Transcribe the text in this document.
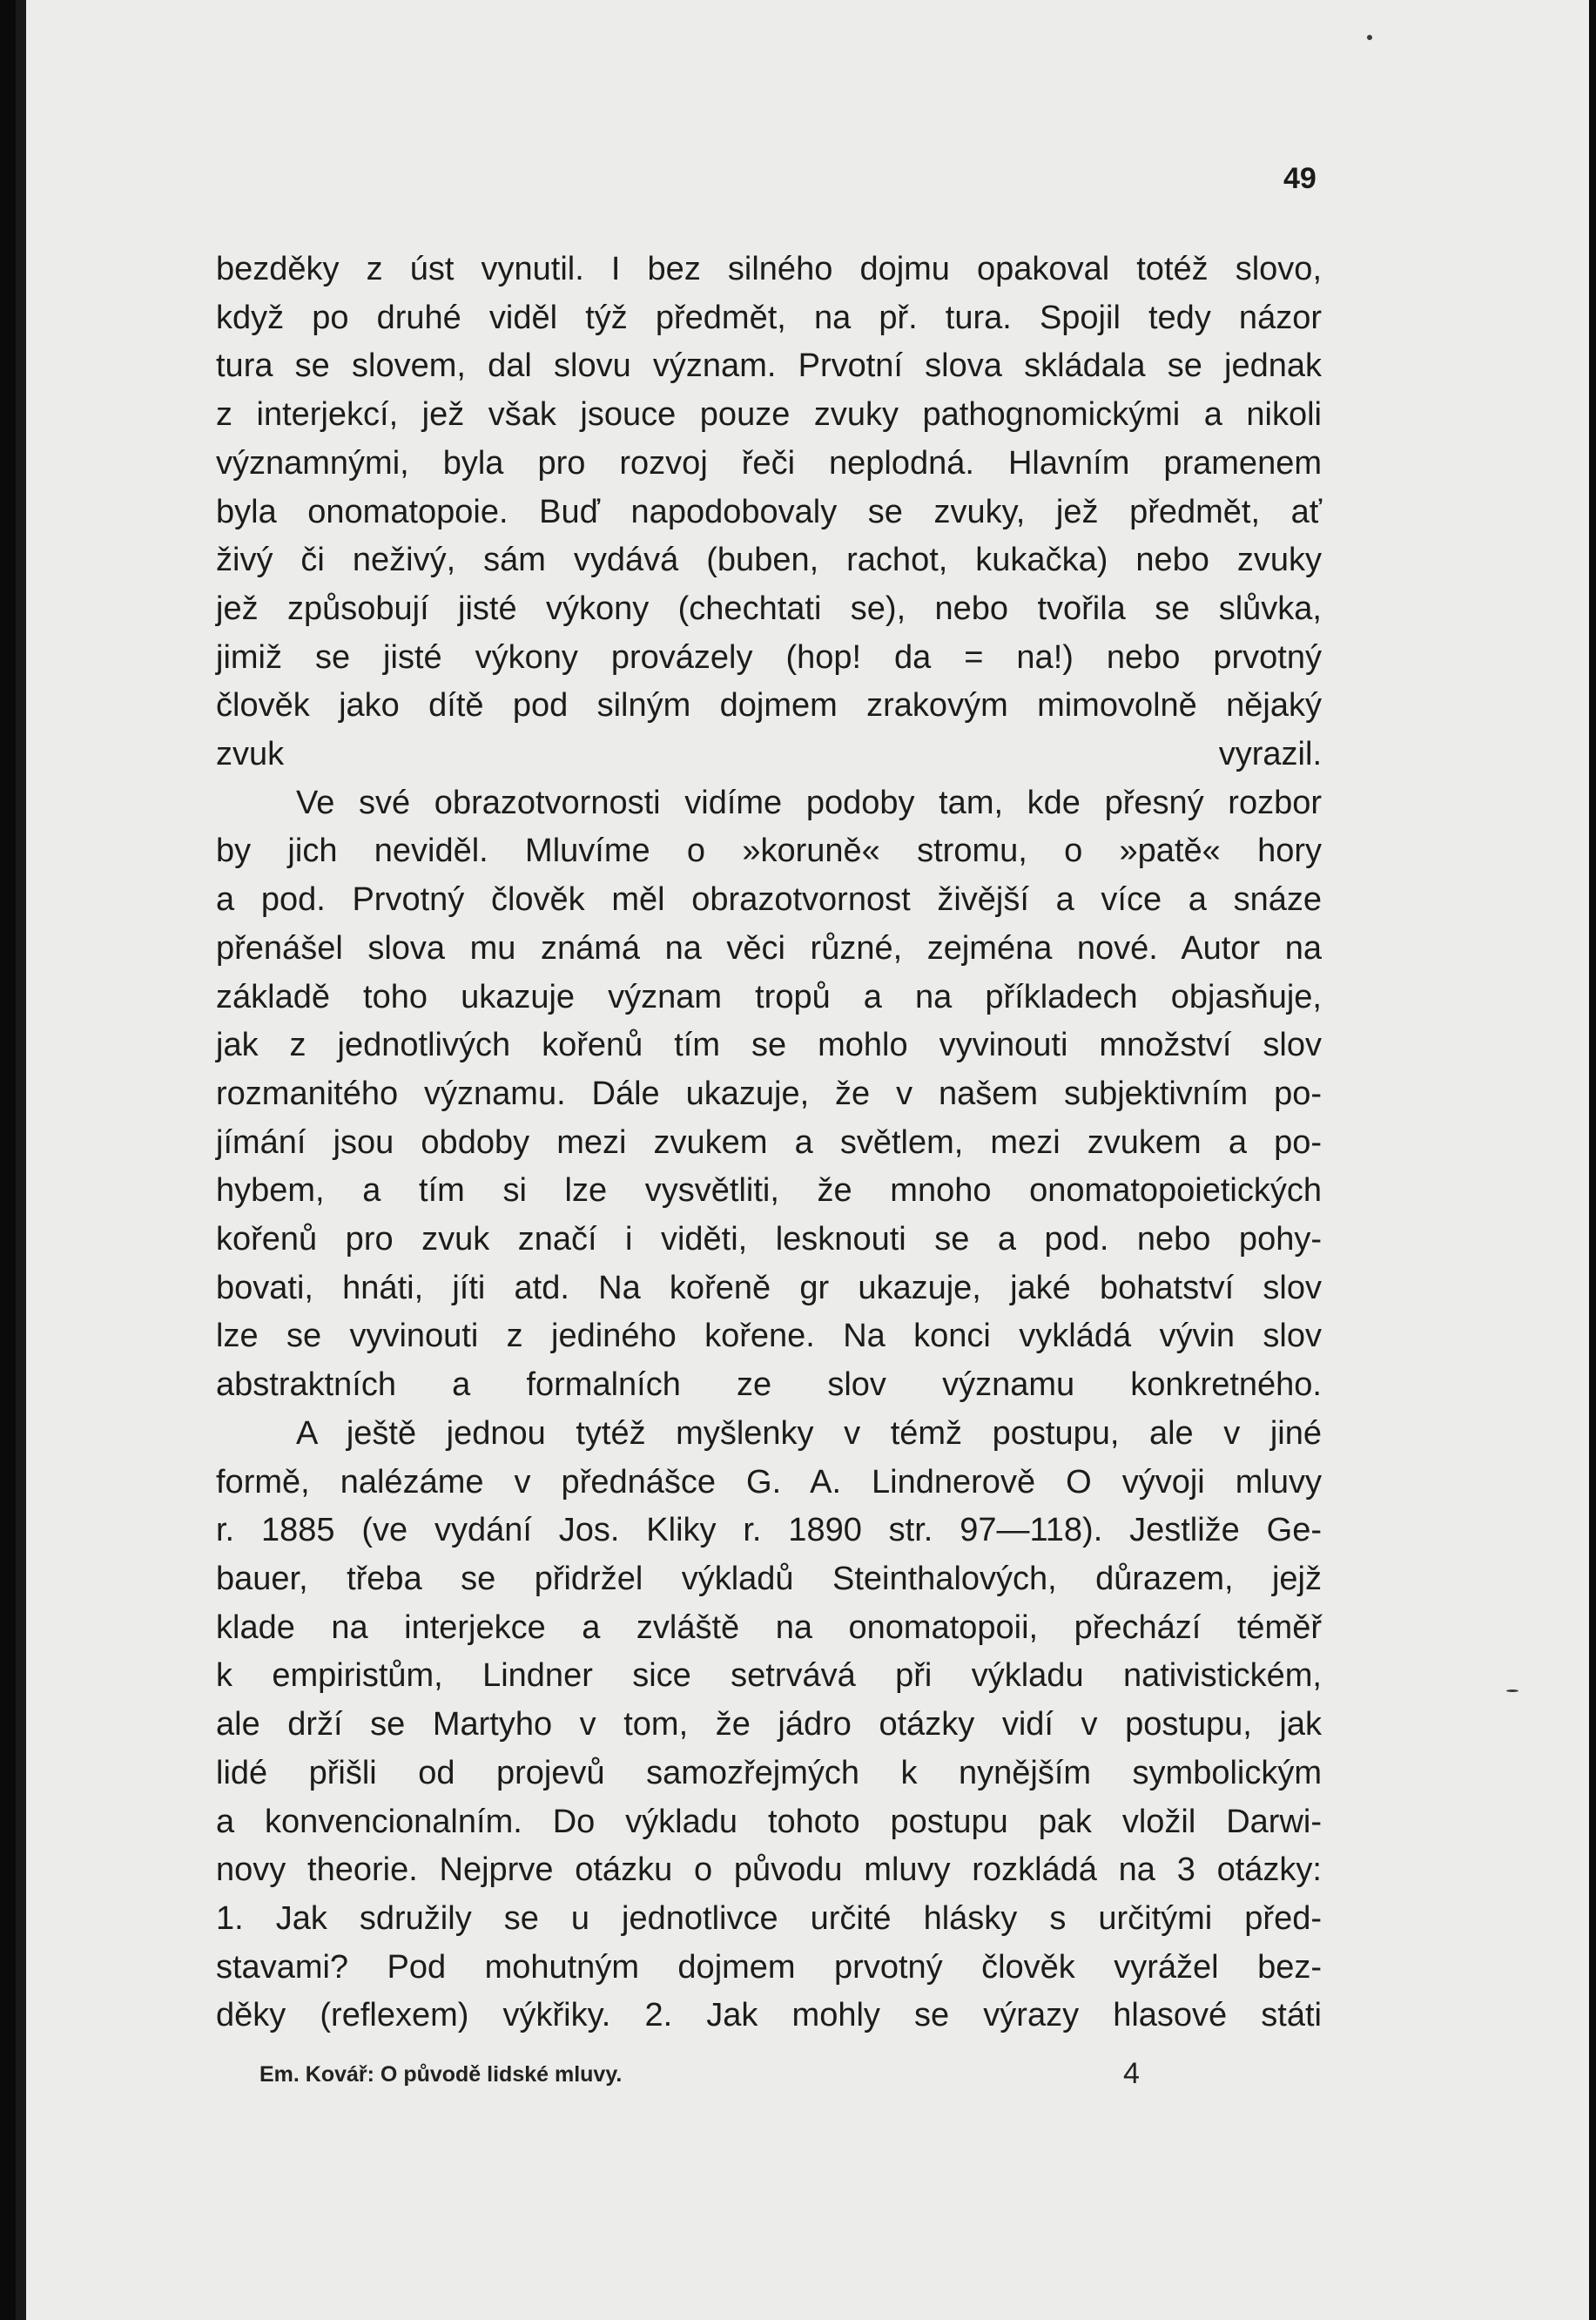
49
bezděky z úst vynutil. I bez silného dojmu opakoval totéž slovo,
když po druhé viděl týž předmět, na př. tura. Spojil tedy názor
tura se slovem, dal slovu význam. Prvotní slova skládala se jednak
z interjekcí, jež však jsouce pouze zvuky pathognomickými a nikoli
významnými, byla pro rozvoj řeči neplodná. Hlavním pramenem
byla onomatopoie. Buď napodobovaly se zvuky, jež předmět, ať
živý či neživý, sám vydává (buben, rachot, kukačka) nebo zvuky
jež způsobují jisté výkony (chechtati se), nebo tvořila se slůvka,
jimiž se jisté výkony provázely (hop! da = na!) nebo prvotný
člověk jako dítě pod silným dojmem zrakovým mimovolně nějaký
zvuk vyrazil.
Ve své obrazotvornosti vidíme podoby tam, kde přesný rozbor
by jich neviděl. Mluvíme o »koruně« stromu, o »patě« hory
a pod. Prvotný člověk měl obrazotvornost živější a více a snáze
přenášel slova mu známá na věci různé, zejména nové. Autor na
základě toho ukazuje význam tropů a na příkladech objasňuje,
jak z jednotlivých kořenů tím se mohlo vyvinouti množství slov
rozmanitého významu. Dále ukazuje, že v našem subjektivním po-
jímání jsou obdoby mezi zvukem a světlem, mezi zvukem a po-
hybem, a tím si lze vysvětliti, že mnoho onomatopoietických
kořenů pro zvuk značí i viděti, lesknouti se a pod. nebo pohy-
bovati, hnáti, jíti atd. Na kořeně gr ukazuje, jaké bohatství slov
lze se vyvinouti z jediného kořene. Na konci vykládá vývin slov
abstraktních a formalních ze slov významu konkretného.
A ještě jednou tytéž myšlenky v témž postupu, ale v jiné
formě, nalézáme v přednášce G. A. Lindnerově O vývoji mluvy
r. 1885 (ve vydání Jos. Kliky r. 1890 str. 97—118). Jestliže Ge-
bauer, třeba se přidržel výkladů Steinthalových, důrazem, jejž
klade na interjekce a zvláště na onomatopoii, přechází téměř
k empiristům, Lindner sice setrvává při výkladu nativistickém,
ale drží se Martyho v tom, že jádro otázky vidí v postupu, jak
lidé přišli od projevů samozřejmých k nynějším symbolickým
a konvencionalním. Do výkladu tohoto postupu pak vložil Darwi-
novy theorie. Nejprve otázku o původu mluvy rozkládá na 3 otázky:
1. Jak sdružily se u jednotlivce určité hlásky s určitými před-
stavami? Pod mohutným dojmem prvotný člověk vyrážel bez-
děky (reflexem) výkřiky. 2. Jak mohly se výrazy hlasové státi
Em. Kovář: O původě lidské mluvy.	4
